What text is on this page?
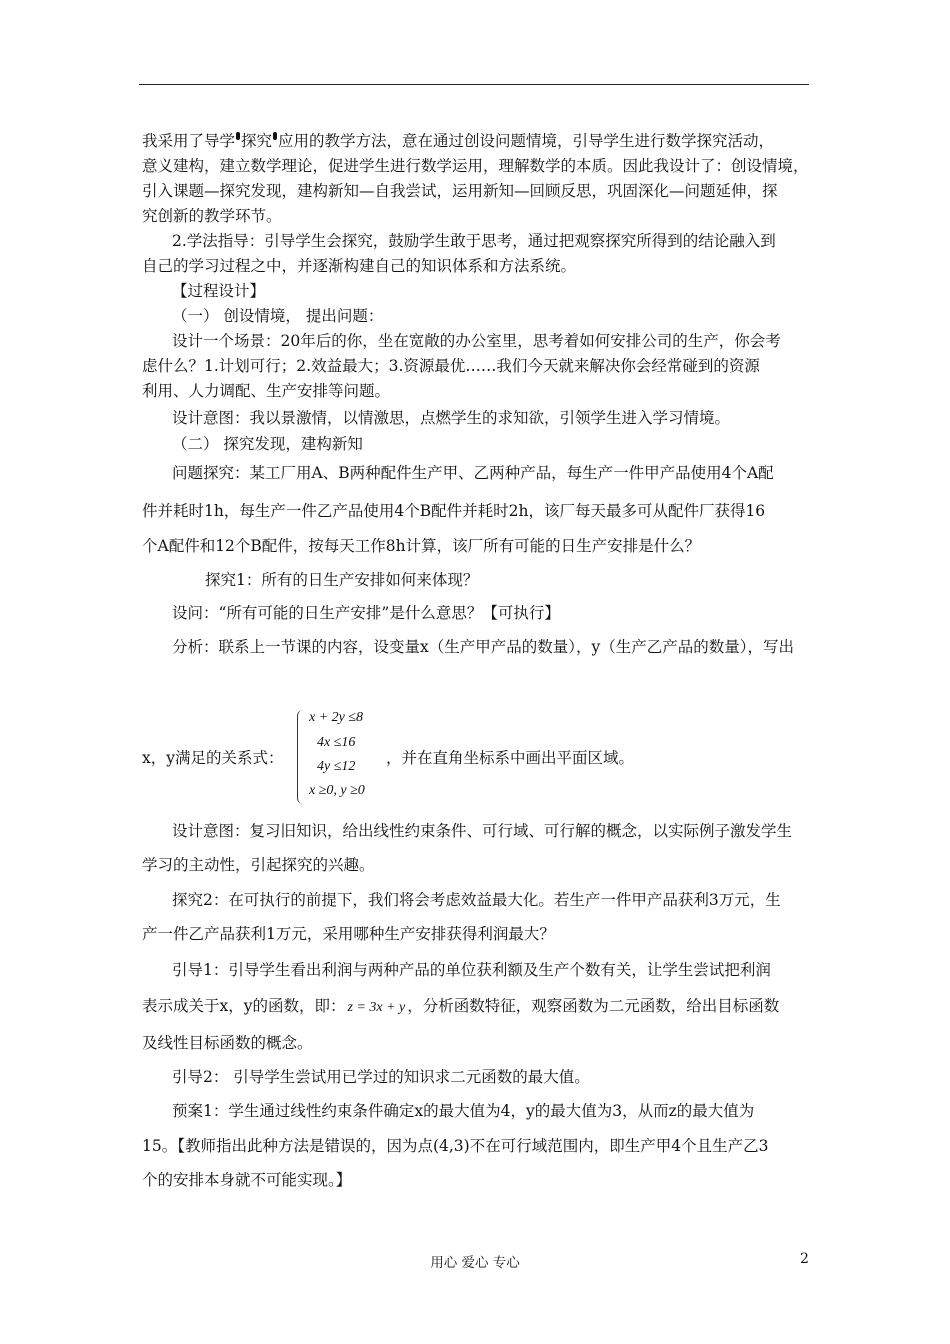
我采用了导学 探究 应用的教学方法，意在通过创设问题情境，引导学生进行数学探究活动，
意义建构，建立数学理论，促进学生进行数学运用，理解数学的本质。因此我设计了：创设情境，
引入课题—探究发现，建构新知—自我尝试，运用新知—回顾反思，巩固深化—问题延伸，探
究创新的教学环节。
2.学法指导：引导学生会探究，鼓励学生敢于思考，通过把观察探究所得到的结论融入到
自己的学习过程之中，并逐渐构建自己的知识体系和方法系统。
【过程设计】
（一） 创设情境， 提出问题：
设计一个场景：20年后的你，坐在宽敞的办公室里，思考着如何安排公司的生产，你会考
虑什么？1.计划可行；2.效益最大；3.资源最优……我们今天就来解决你会经常碰到的资源
利用、人力调配、生产安排等问题。
设计意图：我以景激情，以情激思，点燃学生的求知欲，引领学生进入学习情境。
（二） 探究发现，建构新知
问题探究：某工厂用A、B两种配件生产甲、乙两种产品，每生产一件甲产品使用4个A配
件并耗时1h，每生产一件乙产品使用4个B配件并耗时2h，该厂每天最多可从配件厂获得16
个A配件和12个B配件，按每天工作8h计算，该厂所有可能的日生产安排是什么？
探究1：所有的日生产安排如何来体现？
设问：“所有可能的日生产安排”是什么意思？【可执行】
分析：联系上一节课的内容，设变量x（生产甲产品的数量），y（生产乙产品的数量），写出
x，y满足的关系式：
x + 2y ≤8
4x ≤16
4y ≤12
x ≥0, y ≥0
，并在直角坐标系中画出平面区域。
设计意图：复习旧知识，给出线性约束条件、可行域、可行解的概念，以实际例子激发学生
学习的主动性，引起探究的兴趣。
探究2：在可执行的前提下，我们将会考虑效益最大化。若生产一件甲产品获利3万元，生
产一件乙产品获利1万元，采用哪种生产安排获得利润最大？
引导1：引导学生看出利润与两种产品的单位获利额及生产个数有关，让学生尝试把利润
表示成关于x，y的函数，即： z = 3x + y ，分析函数特征，观察函数为二元函数，给出目标函数
及线性目标函数的概念。
引导2： 引导学生尝试用已学过的知识求二元函数的最大值。
预案1：学生通过线性约束条件确定x的最大值为4，y的最大值为3，从而z的最大值为
15。【教师指出此种方法是错误的，因为点(4,3)不在可行域范围内，即生产甲4个且生产乙3
个的安排本身就不可能实现。】
用心 爱心 专心	2
